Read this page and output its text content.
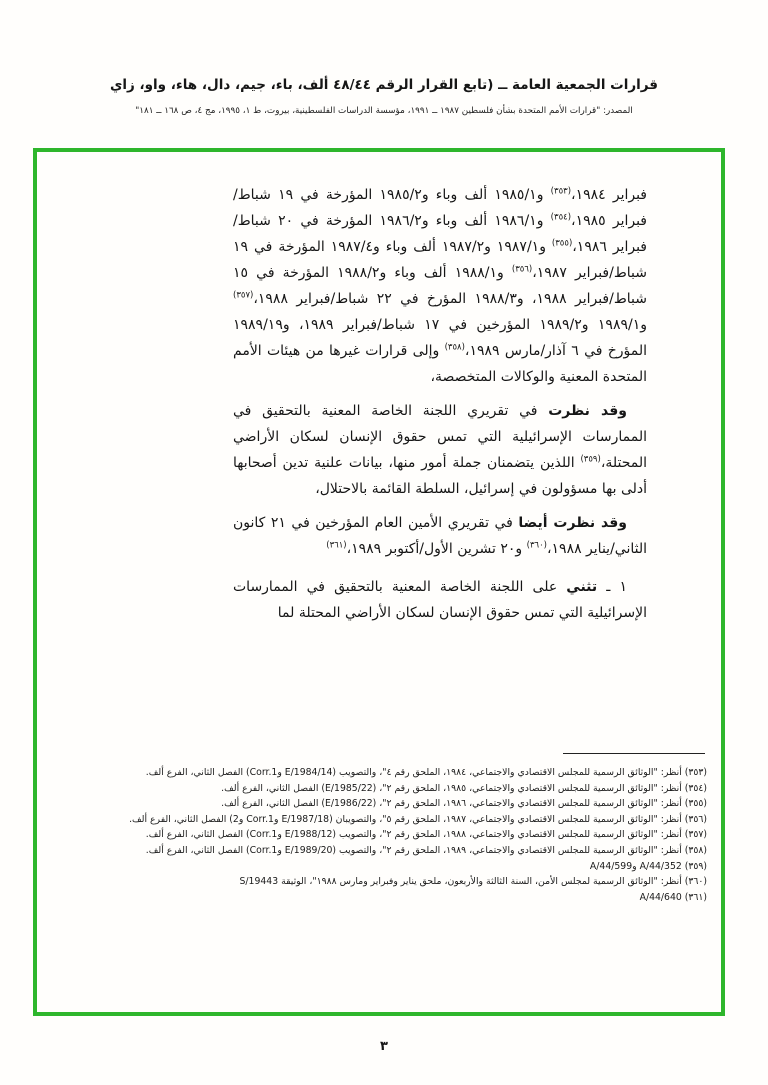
قرارات الجمعية العامة ــ (تابع القرار الرقم ٤٨/٤٤ ألف، باء، جيم، دال، هاء، واو، زاي
المصدر: "قرارات الأمم المتحدة بشأن فلسطين ١٩٨٧ ــ ١٩٩١، مؤسسة الدراسات الفلسطينية، بيروت، ط ١، ١٩٩٥، مج ٤، ص ١٦٨ ــ ١٨١"

فبراير ١٩٨٤،$^{(٣٥٣)}$ و١٩٨٥/١ ألف وباء و١٩٨٥/٢ المؤرخة في ١٩ شباط/فبراير ١٩٨٥،$^{(٣٥٤)}$ و١٩٨٦/١ ألف وباء و١٩٨٦/٢ المؤرخة في ٢٠ شباط/فبراير ١٩٨٦،$^{(٣٥٥)}$ و١٩٨٧/١ و١٩٨٧/٢ ألف وباء و١٩٨٧/٤ المؤرخة في ١٩ شباط/فبراير ١٩٨٧،$^{(٣٥٦)}$ و١٩٨٨/١ ألف وباء و١٩٨٨/٢ المؤرخة في ١٥ شباط/فبراير ١٩٨٨، و١٩٨٨/٣ المؤرخ في ٢٢ شباط/فبراير ١٩٨٨،$^{(٣٥٧)}$ و١٩٨٩/١ و١٩٨٩/٢ المؤرخين في ١٧ شباط/فبراير ١٩٨٩، و١٩٨٩/١٩ المؤرخ في ٦ آذار/مارس ١٩٨٩،$^{(٣٥٨)}$ وإلى قرارات غيرها من هيئات الأمم المتحدة المعنية والوكالات المتخصصة،

وقد نظرت في تقريري اللجنة الخاصة المعنية بالتحقيق في الممارسات الإسرائيلية التي تمس حقوق الإنسان لسكان الأراضي المحتلة،$^{(٣٥٩)}$ اللذين يتضمنان جملة أمور منها، بيانات علنية تدين أصحابها أدلى بها مسؤولون في إسرائيل، السلطة القائمة بالاحتلال،

وقد نظرت أيضا في تقريري الأمين العام المؤرخين في ٢١ كانون الثاني/يناير ١٩٨٨،$^{(٣٦٠)}$ و٢٠ تشرين الأول/أكتوبر ١٩٨٩،$^{(٣٦١)}$

١ ـ تثني على اللجنة الخاصة المعنية بالتحقيق في الممارسات الإسرائيلية التي تمس حقوق الإنسان لسكان الأراضي المحتلة لما

(٣٥٣) أنظر: "الوثائق الرسمية للمجلس الاقتصادي والاجتماعي، ١٩٨٤، الملحق رقم ٤"، والتصويب (E/1984/14 وCorr.1) الفصل الثاني، الفرع ألف.
(٣٥٤) أنظر: "الوثائق الرسمية للمجلس الاقتصادي والاجتماعي، ١٩٨٥، الملحق رقم ٢"، (E/1985/22) الفصل الثاني، الفرع ألف.
(٣٥٥) أنظر: "الوثائق الرسمية للمجلس الاقتصادي والاجتماعي، ١٩٨٦، الملحق رقم ٢"، (E/1986/22) الفصل الثاني، الفرع ألف.
(٣٥٦) أنظر: "الوثائق الرسمية للمجلس الاقتصادي والاجتماعي، ١٩٨٧، الملحق رقم ٥"، والتصويبان (E/1987/18 وCorr.1 و2) الفصل الثاني، الفرع ألف.
(٣٥٧) أنظر: "الوثائق الرسمية للمجلس الاقتصادي والاجتماعي، ١٩٨٨، الملحق رقم ٢"، والتصويب (E/1988/12 وCorr.1) الفصل الثاني، الفرع ألف.
(٣٥٨) أنظر: "الوثائق الرسمية للمجلس الاقتصادي والاجتماعي، ١٩٨٩، الملحق رقم ٢"، والتصويب (E/1989/20 وCorr.1) الفصل الثاني، الفرع ألف.
(٣٥٩) A/44/352 وA/44/599
(٣٦٠) أنظر: "الوثائق الرسمية لمجلس الأمن، السنة الثالثة والأربعون، ملحق يناير وفبراير ومارس ١٩٨٨"، الوثيقة S/19443
(٣٦١) A/44/640
٣
